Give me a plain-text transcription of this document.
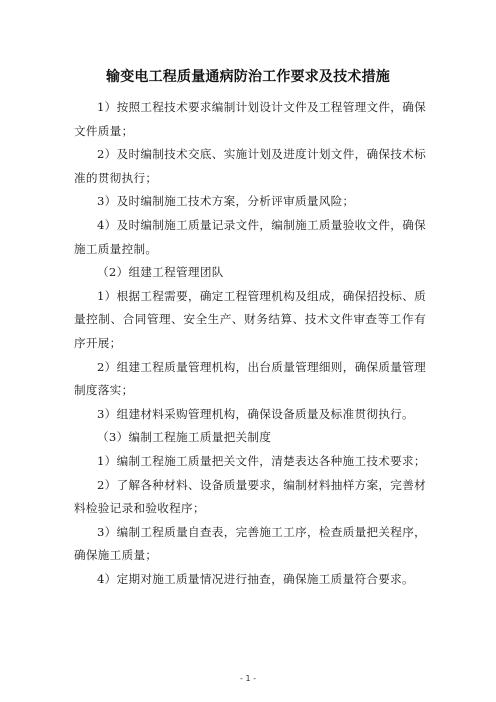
输变电工程质量通病防治工作要求及技术措施

1）按照工程技术要求编制计划设计文件及工程管理文件，确保文件质量；

2）及时编制技术交底、实施计划及进度计划文件，确保技术标准的贯彻执行；

3）及时编制施工技术方案，分析评审质量风险；

4）及时编制施工质量记录文件，编制施工质量验收文件，确保施工质量控制。

（2）组建工程管理团队

1）根据工程需要，确定工程管理机构及组成，确保招投标、质量控制、合同管理、安全生产、财务结算、技术文件审查等工作有序开展；

2）组建工程质量管理机构，出台质量管理细则，确保质量管理制度落实；

3）组建材料采购管理机构，确保设备质量及标准贯彻执行。

（3）编制工程施工质量把关制度

1）编制工程施工质量把关文件，清楚表达各种施工技术要求；

2）了解各种材料、设备质量要求，编制材料抽样方案，完善材料检验记录和验收程序；

3）编制工程质量自查表，完善施工工序，检查质量把关程序，确保施工质量；

4）定期对施工质量情况进行抽查，确保施工质量符合要求。

- 1 -
